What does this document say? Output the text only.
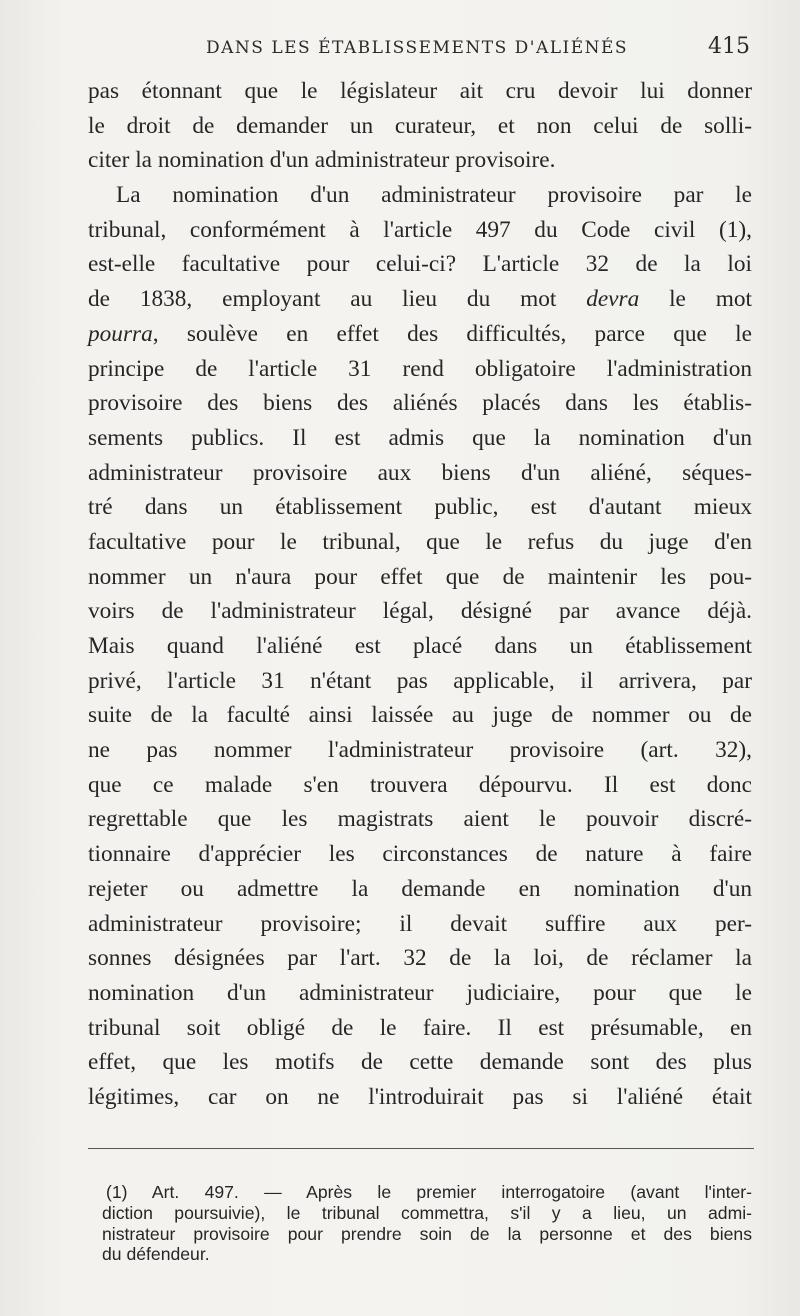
DANS LES ÉTABLISSEMENTS D'ALIÉNÉS	415
pas étonnant que le législateur ait cru devoir lui donner
le droit de demander un curateur, et non celui de solli-
citer la nomination d'un administrateur provisoire.
La nomination d'un administrateur provisoire par le
tribunal, conformément à l'article 497 du Code civil (1),
est-elle facultative pour celui-ci? L'article 32 de la loi
de 1838, employant au lieu du mot devra le mot
pourra, soulève en effet des difficultés, parce que le
principe de l'article 31 rend obligatoire l'administration
provisoire des biens des aliénés placés dans les établis-
sements publics. Il est admis que la nomination d'un
administrateur provisoire aux biens d'un aliéné, séques-
tré dans un établissement public, est d'autant mieux
facultative pour le tribunal, que le refus du juge d'en
nommer un n'aura pour effet que de maintenir les pou-
voirs de l'administrateur légal, désigné par avance déjà.
Mais quand l'aliéné est placé dans un établissement
privé, l'article 31 n'étant pas applicable, il arrivera, par
suite de la faculté ainsi laissée au juge de nommer ou de
ne pas nommer l'administrateur provisoire (art. 32),
que ce malade s'en trouvera dépourvu. Il est donc
regrettable que les magistrats aient le pouvoir discré-
tionnaire d'apprécier les circonstances de nature à faire
rejeter ou admettre la demande en nomination d'un
administrateur provisoire; il devait suffire aux per-
sonnes désignées par l'art. 32 de la loi, de réclamer la
nomination d'un administrateur judiciaire, pour que le
tribunal soit obligé de le faire. Il est présumable, en
effet, que les motifs de cette demande sont des plus
légitimes, car on ne l'introduirait pas si l'aliéné était
(1) Art. 497. — Après le premier interrogatoire (avant l'inter-
diction poursuivie), le tribunal commettra, s'il y a lieu, un admi-
nistrateur provisoire pour prendre soin de la personne et des biens
du défendeur.
